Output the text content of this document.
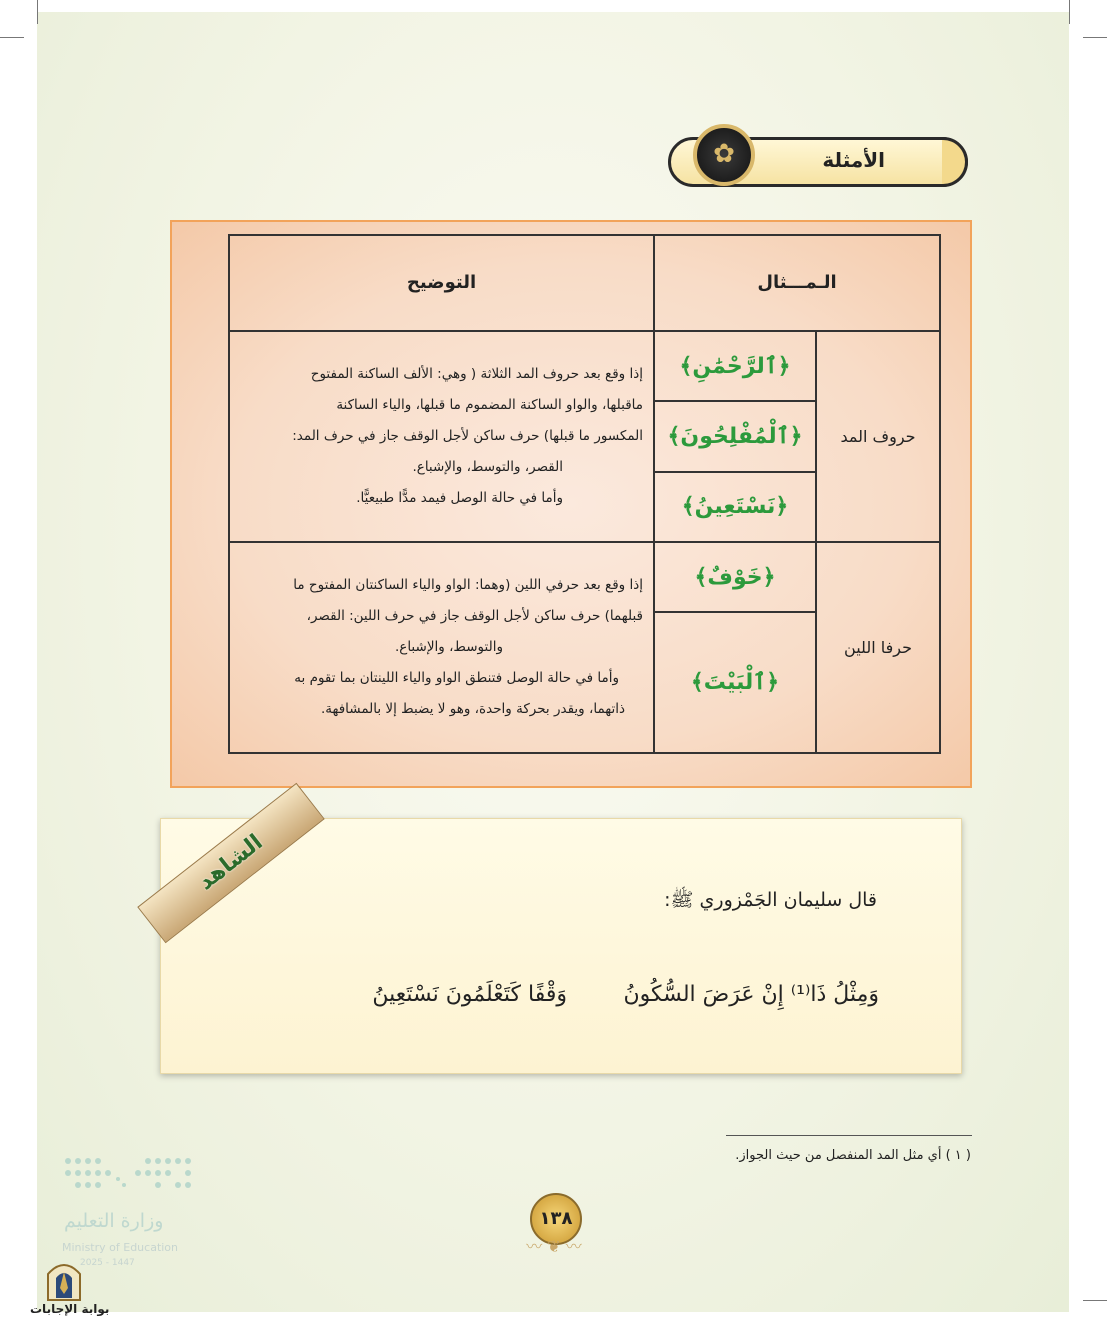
✿	الأمثلة
الـمـــثال		التوضيح
حروف المد	﴿ٱلرَّحْمَٰنِ﴾	إذا وقع بعد حروف المد الثلاثة ( وهي: الألف الساكنة المفتوح
ماقبلها، والواو الساكنة المضموم ما قبلها، والياء الساكنة
المكسور ما قبلها) حرف ساكن لأجل الوقف جاز في حرف المد:
القصر، والتوسط، والإشباع.
وأما في حالة الوصل فيمد مدًّا طبيعيًّا.

	﴿ٱلْمُفْلِحُونَ﴾	
	﴿نَسْتَعِينُ﴾	
حرفا اللين	﴿خَوْفٌ﴾	إذا وقع بعد حرفي اللين (وهما: الواو والياء الساكنتان المفتوح ما
قبلهما) حرف ساكن لأجل الوقف جاز في حرف اللين: القصر،
والتوسط، والإشباع.
وأما في حالة الوصل فتنطق الواو والياء اللينتان بما تقوم به
ذاتهما، ويقدر بحركة واحدة، وهو لا يضبط إلا بالمشافهة.

	﴿ٱلْبَيْتَ﴾	
الشاهد
قال سليمان الجَمْزوري ﷺ:
وَمِثْلُ ذَا⁽¹⁾ إِنْ عَرَضَ السُّكُونُ
وَقْفًا كَتَعْلَمُونَ نَسْتَعِينُ
( ١ ) أي مثل المد المنفصل من حيث الجواز.
١٣٨
〰 ❦ 〰
وزارة التعليم
Ministry of Education
2025 - 1447
بوابة الإجابات
